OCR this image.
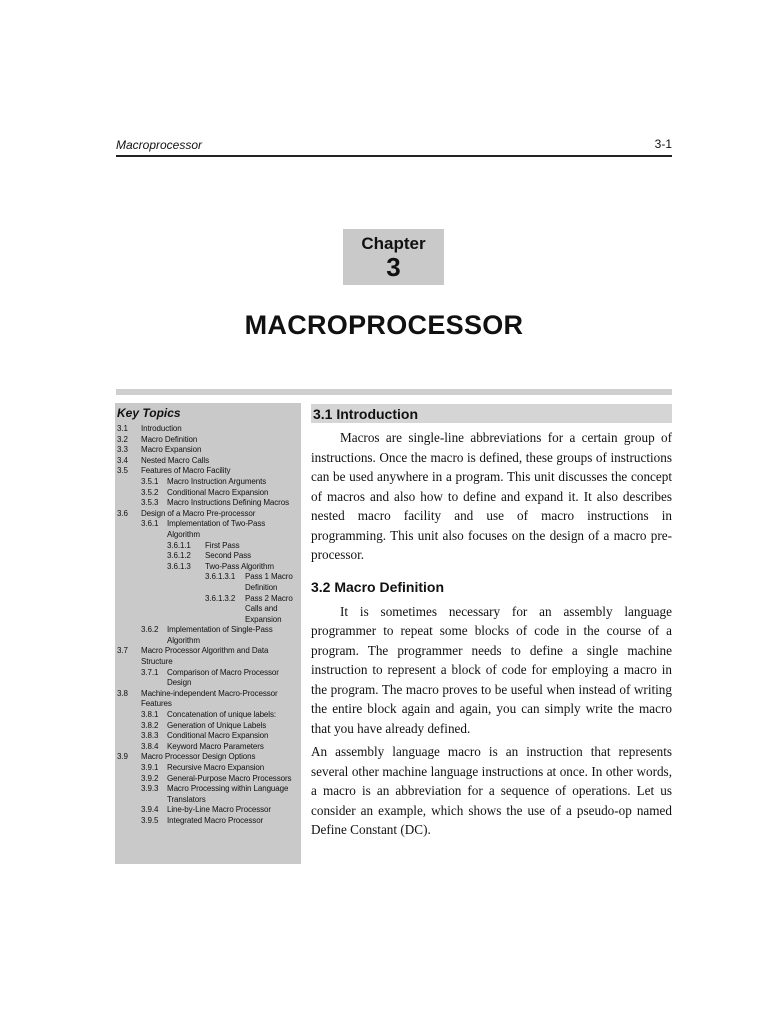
Macroprocessor	3-1
Chapter
3
MACROPROCESSOR
Key Topics
3.1	Introduction
3.2	Macro Definition
3.3	Macro Expansion
3.4	Nested Macro Calls
3.5	Features of Macro Facility
3.5.1	Macro Instruction Arguments
3.5.2	Conditional Macro Expansion
3.5.3	Macro Instructions Defining Macros
3.6	Design of a Macro Pre-processor
3.6.1	Implementation of Two-Pass Algorithm
3.6.1.1	First Pass
3.6.1.2	Second Pass
3.6.1.3	Two-Pass Algorithm
3.6.1.3.1	Pass 1 Macro Definition
3.6.1.3.2	Pass 2 Macro Calls and Expansion
3.6.2	Implementation of Single-Pass Algorithm
3.7	Macro Processor Algorithm and Data Structure
3.7.1	Comparison of Macro Processor Design
3.8	Machine-independent Macro-Processor Features
3.8.1	Concatenation of unique labels:
3.8.2	Generation of Unique Labels
3.8.3	Conditional Macro Expansion
3.8.4	Keyword Macro Parameters
3.9	Macro Processor Design Options
3.9.1	Recursive Macro Expansion
3.9.2	General-Purpose Macro Processors
3.9.3	Macro Processing within Language Translators
3.9.4	Line-by-Line Macro Processor
3.9.5	Integrated Macro Processor
3.1 Introduction

Macros are single-line abbreviations for a certain group of instructions. Once the macro is defined, these groups of instructions can be used anywhere in a program. This unit discusses the concept of macros and also how to define and expand it. It also describes nested macro facility and use of macro instructions in programming. This unit also focuses on the design of a macro pre-processor.

3.2 Macro Definition

It is sometimes necessary for an assembly language programmer to repeat some blocks of code in the course of a program. The programmer needs to define a single machine instruction to represent a block of code for employing a macro in the program. The macro proves to be useful when instead of writing the entire block again and again, you can simply write the macro that you have already defined.

An assembly language macro is an instruction that represents several other machine language instructions at once. In other words, a macro is an abbreviation for a sequence of operations. Let us consider an example, which shows the use of a pseudo-op named Define Constant (DC).
